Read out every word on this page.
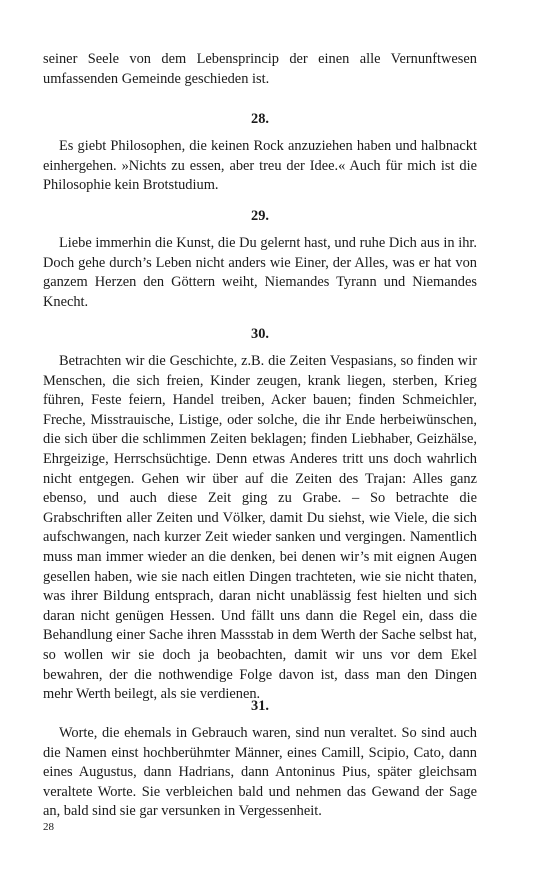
seiner Seele von dem Lebensprincip der einen alle Vernunftwesen umfassenden Gemeinde geschieden ist.

28.

Es giebt Philosophen, die keinen Rock anzuziehen haben und halbnackt einhergehen. »Nichts zu essen, aber treu der Idee.« Auch für mich ist die Philosophie kein Brotstudium.

29.

Liebe immerhin die Kunst, die Du gelernt hast, und ruhe Dich aus in ihr. Doch gehe durch’s Leben nicht anders wie Einer, der Alles, was er hat von ganzem Herzen den Göttern weiht, Niemandes Tyrann und Niemandes Knecht.

30.

Betrachten wir die Geschichte, z.B. die Zeiten Vespasians, so finden wir Menschen, die sich freien, Kinder zeugen, krank liegen, sterben, Krieg führen, Feste feiern, Handel treiben, Acker bauen; finden Schmeichler, Freche, Misstrauische, Listige, oder solche, die ihr Ende herbeiwünschen, die sich über die schlimmen Zeiten beklagen; finden Liebhaber, Geizhälse, Ehrgeizige, Herrschsüchtige. Denn etwas Anderes tritt uns doch wahrlich nicht entgegen. Gehen wir über auf die Zeiten des Trajan: Alles ganz ebenso, und auch diese Zeit ging zu Grabe. – So betrachte die Grabschriften aller Zeiten und Völker, damit Du siehst, wie Viele, die sich aufschwangen, nach kurzer Zeit wieder sanken und vergingen. Namentlich muss man immer wieder an die denken, bei denen wir’s mit eignen Augen gesellen haben, wie sie nach eitlen Dingen trachteten, wie sie nicht thaten, was ihrer Bildung entsprach, daran nicht unablässig fest hielten und sich daran nicht genügen Hessen. Und fällt uns dann die Regel ein, dass die Behandlung einer Sache ihren Massstab in dem Werth der Sache selbst hat, so wollen wir sie doch ja beobachten, damit wir uns vor dem Ekel bewahren, der die nothwendige Folge davon ist, dass man den Dingen mehr Werth beilegt, als sie verdienen.

31.

Worte, die ehemals in Gebrauch waren, sind nun veraltet. So sind auch die Namen einst hochberühmter Männer, eines Camill, Scipio, Cato, dann eines Augustus, dann Hadrians, dann Antoninus Pius, später gleichsam veraltete Worte. Sie verbleichen bald und nehmen das Gewand der Sage an, bald sind sie gar versunken in Vergessenheit.

28
